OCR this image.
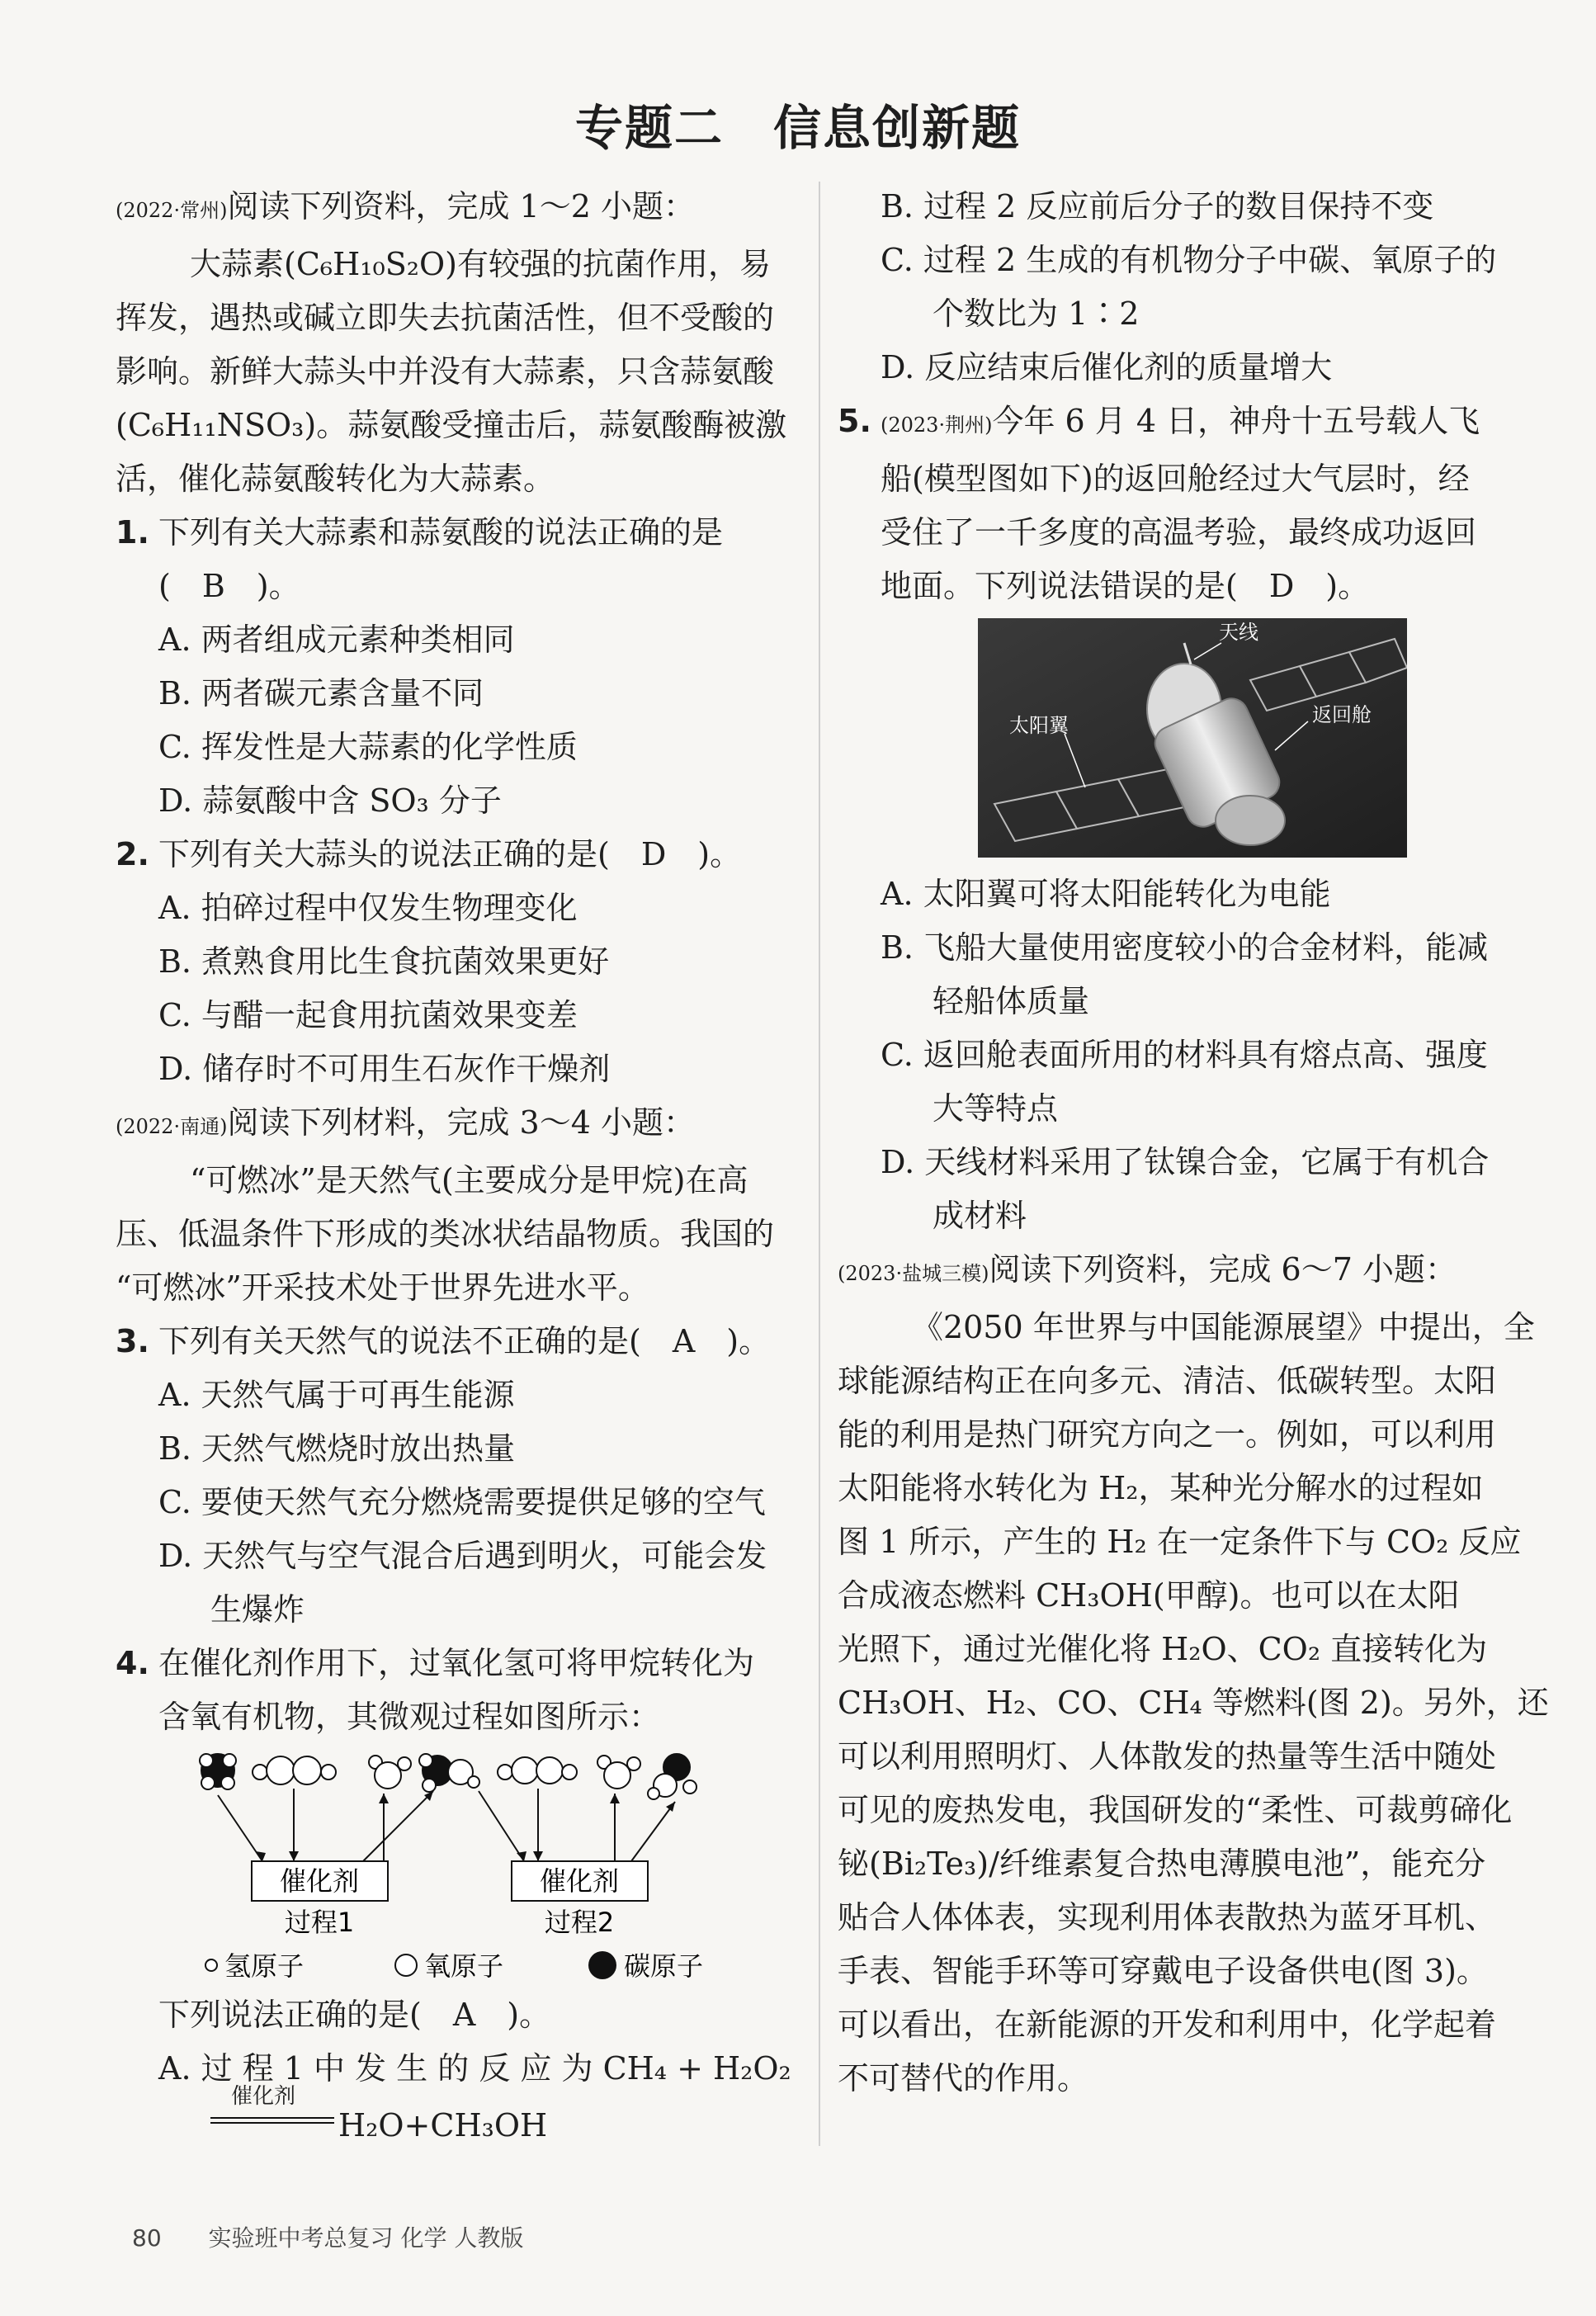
专题二　信息创新题

(2022·常州)阅读下列资料，完成 1～2 小题：

大蒜素(C₆H₁₀S₂O)有较强的抗菌作用，易

挥发，遇热或碱立即失去抗菌活性，但不受酸的

影响。新鲜大蒜头中并没有大蒜素，只含蒜氨酸

(C₆H₁₁NSO₃)。蒜氨酸受撞击后，蒜氨酸酶被激

活，催化蒜氨酸转化为大蒜素。

1. 下列有关大蒜素和蒜氨酸的说法正确的是

(　B　)。

A. 两者组成元素种类相同

B. 两者碳元素含量不同

C. 挥发性是大蒜素的化学性质

D. 蒜氨酸中含 SO₃ 分子

2. 下列有关大蒜头的说法正确的是(　D　)。

A. 拍碎过程中仅发生物理变化

B. 煮熟食用比生食抗菌效果更好

C. 与醋一起食用抗菌效果变差

D. 储存时不可用生石灰作干燥剂

(2022·南通)阅读下列材料，完成 3～4 小题：

“可燃冰”是天然气(主要成分是甲烷)在高

压、低温条件下形成的类冰状结晶物质。我国的

“可燃冰”开采技术处于世界先进水平。

3. 下列有关天然气的说法不正确的是(　A　)。

A. 天然气属于可再生能源

B. 天然气燃烧时放出热量

C. 要使天然气充分燃烧需要提供足够的空气

D. 天然气与空气混合后遇到明火，可能会发

生爆炸

4. 在催化剂作用下，过氧化氢可将甲烷转化为

含氧有机物，其微观过程如图所示：

催化剂	催化剂
过程1	过程2
氢原子	氧原子	碳原子

下列说法正确的是(　A　)。

A. 过 程 1 中 发 生 的 反 应 为 CH₄ + H₂O₂

催化剂
H₂O+CH₃OH

B. 过程 2 反应前后分子的数目保持不变

C. 过程 2 生成的有机物分子中碳、氧原子的

个数比为 1∶2

D. 反应结束后催化剂的质量增大

5. (2023·荆州)今年 6 月 4 日，神舟十五号载人飞

船(模型图如下)的返回舱经过大气层时，经

受住了一千多度的高温考验，最终成功返回

地面。下列说法错误的是(　D　)。

天线
太阳翼	返回舱

A. 太阳翼可将太阳能转化为电能

B. 飞船大量使用密度较小的合金材料，能减

轻船体质量

C. 返回舱表面所用的材料具有熔点高、强度

大等特点

D. 天线材料采用了钛镍合金，它属于有机合

成材料

(2023·盐城三模)阅读下列资料，完成 6～7 小题：

《2050 年世界与中国能源展望》中提出，全

球能源结构正在向多元、清洁、低碳转型。太阳

能的利用是热门研究方向之一。例如，可以利用

太阳能将水转化为 H₂，某种光分解水的过程如

图 1 所示，产生的 H₂ 在一定条件下与 CO₂ 反应

合成液态燃料 CH₃OH(甲醇)。也可以在太阳

光照下，通过光催化将 H₂O、CO₂ 直接转化为

CH₃OH、H₂、CO、CH₄ 等燃料(图 2)。另外，还

可以利用照明灯、人体散发的热量等生活中随处

可见的废热发电，我国研发的“柔性、可裁剪碲化

铋(Bi₂Te₃)/纤维素复合热电薄膜电池”，能充分

贴合人体体表，实现利用体表散热为蓝牙耳机、

手表、智能手环等可穿戴电子设备供电(图 3)。

可以看出，在新能源的开发和利用中，化学起着

不可替代的作用。

80 实验班中考总复习 化学 人教版
